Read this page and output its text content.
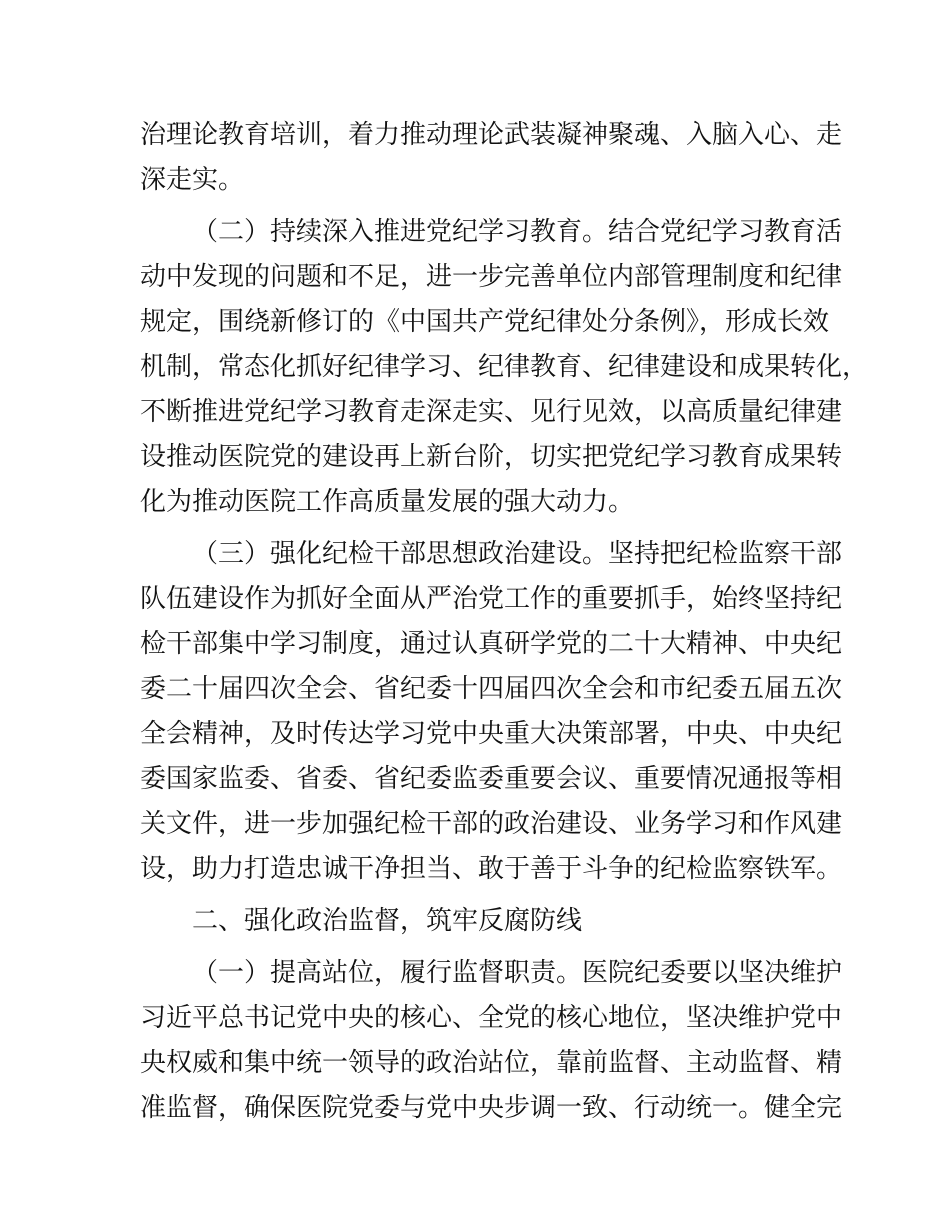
治理论教育培训，着力推动理论武装凝神聚魂、入脑入心、走
深走实。
（二）持续深入推进党纪学习教育。结合党纪学习教育活
动中发现的问题和不足，进一步完善单位内部管理制度和纪律
规定，围绕新修订的《中国共产党纪律处分条例》，形成长效
机制，常态化抓好纪律学习、纪律教育、纪律建设和成果转化，
不断推进党纪学习教育走深走实、见行见效，以高质量纪律建
设推动医院党的建设再上新台阶，切实把党纪学习教育成果转
化为推动医院工作高质量发展的强大动力。
（三）强化纪检干部思想政治建设。坚持把纪检监察干部
队伍建设作为抓好全面从严治党工作的重要抓手，始终坚持纪
检干部集中学习制度，通过认真研学党的二十大精神、中央纪
委二十届四次全会、省纪委十四届四次全会和市纪委五届五次
全会精神，及时传达学习党中央重大决策部署，中央、中央纪
委国家监委、省委、省纪委监委重要会议、重要情况通报等相
关文件，进一步加强纪检干部的政治建设、业务学习和作风建
设，助力打造忠诚干净担当、敢于善于斗争的纪检监察铁军。
二、强化政治监督，筑牢反腐防线
（一）提高站位，履行监督职责。医院纪委要以坚决维护
习近平总书记党中央的核心、全党的核心地位，坚决维护党中
央权威和集中统一领导的政治站位，靠前监督、主动监督、精
准监督，确保医院党委与党中央步调一致、行动统一。健全完
